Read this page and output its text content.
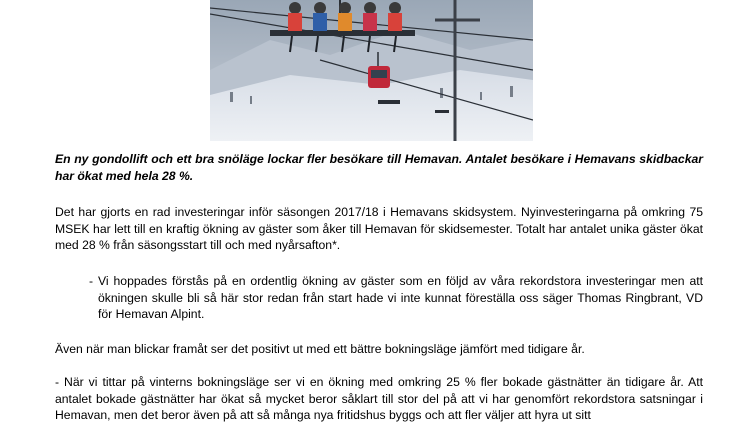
En ny gondollift och ett bra snöläge lockar fler besökare till Hemavan. Antalet besökare i Hemavans skidbackar har ökat med hela 28 %.

Det har gjorts en rad investeringar inför säsongen 2017/18 i Hemavans skidsystem. Nyinvesteringarna på omkring 75 MSEK har lett till en kraftig ökning av gäster som åker till Hemavan för skidsemester. Totalt har antalet unika gäster ökat med 28 % från säsongsstart till och med nyårsafton*.

- Vi hoppades förstås på en ordentlig ökning av gäster som en följd av våra rekordstora investeringar men att ökningen skulle bli så här stor redan från start hade vi inte kunnat föreställa oss säger Thomas Ringbrant, VD för Hemavan Alpint.

Även när man blickar framåt ser det positivt ut med ett bättre bokningsläge jämfört med tidigare år.

- När vi tittar på vinterns bokningsläge ser vi en ökning med omkring 25 % fler bokade gästnätter än tidigare år. Att antalet bokade gästnätter har ökat så mycket beror såklart till stor del på att vi har genomfört rekordstora satsningar i Hemavan, men det beror även på att så många nya fritidshus byggs och att fler väljer att hyra ut sitt
